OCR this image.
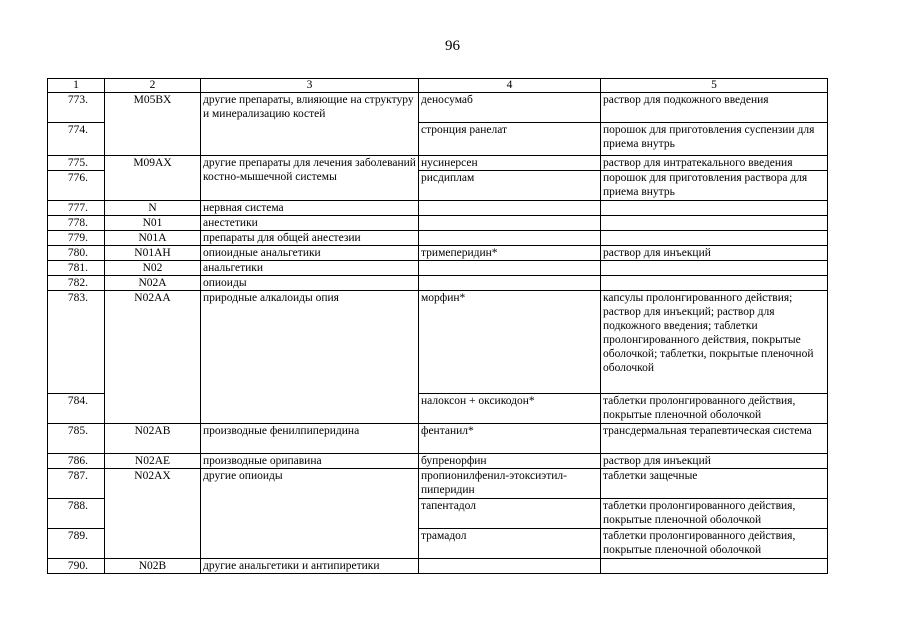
96
1	2	3	4	5
773.	M05BX	другие препараты, влияющие на структуру и минерализацию костей	деносумаб	раствор для подкожного введения
774.			стронция ранелат	порошок для приготовления суспензии для приема внутрь
775.	M09AX	другие препараты для лечения заболеваний костно-мышечной системы	нусинерсен	раствор для интратекального введения
776.			рисдиплам	порошок для приготовления раствора для приема внутрь
777.	N	нервная система		
778.	N01	анестетики		
779.	N01A	препараты для общей анестезии		
780.	N01AH	опиоидные анальгетики	тримеперидин*	раствор для инъекций
781.	N02	анальгетики		
782.	N02A	опиоиды		
783.	N02AA	природные алкалоиды опия	морфин*	капсулы пролонгированного действия; раствор для инъекций; раствор для подкожного введения; таблетки пролонгированного действия, покрытые оболочкой; таблетки, покрытые пленочной оболочкой
784.			налоксон + оксикодон*	таблетки пролонгированного действия, покрытые пленочной оболочкой
785.	N02AB	производные фенилпиперидина	фентанил*	трансдермальная терапевтическая система
786.	N02AE	производные орипавина	бупренорфин	раствор для инъекций
787.	N02AX	другие опиоиды	пропионилфенил-этоксиэтил-пиперидин	таблетки защечные
788.			тапентадол	таблетки пролонгированного действия, покрытые пленочной оболочкой
789.			трамадол	таблетки пролонгированного действия, покрытые пленочной оболочкой
790.	N02B	другие анальгетики и антипиретики		
